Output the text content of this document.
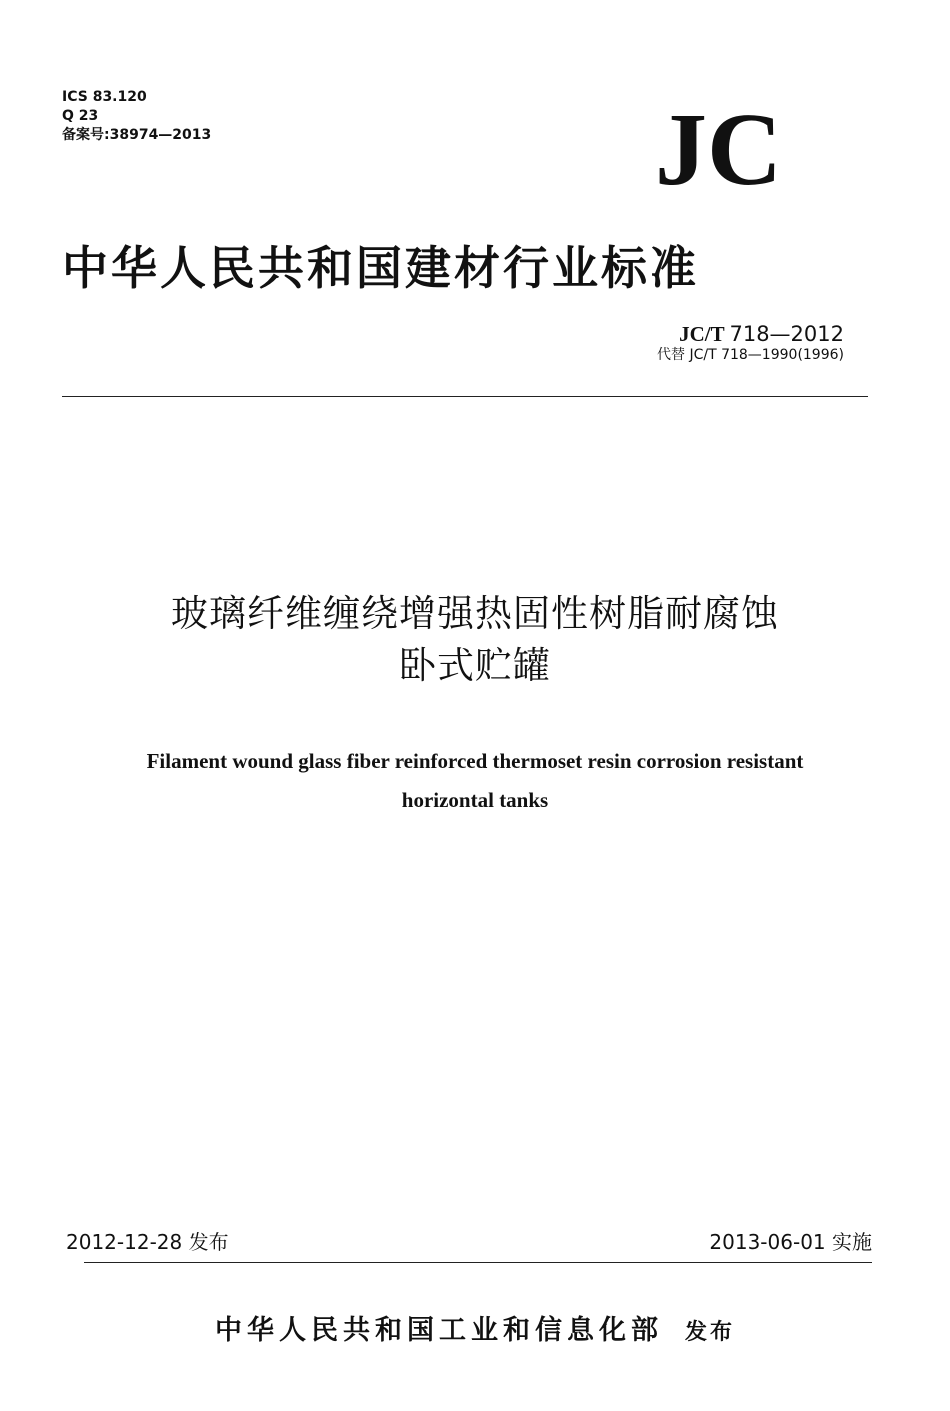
ICS 83.120
Q 23
备案号:38974—2013	JC
中华人民共和国建材行业标准
JC/T 718—2012
代替 JC/T 718—1990(1996)
玻璃纤维缠绕增强热固性树脂耐腐蚀
卧式贮罐
Filament wound glass fiber reinforced thermoset resin corrosion resistant
horizontal tanks
2012-12-28 发布	2013-06-01 实施
中华人民共和国工业和信息化部 发布
